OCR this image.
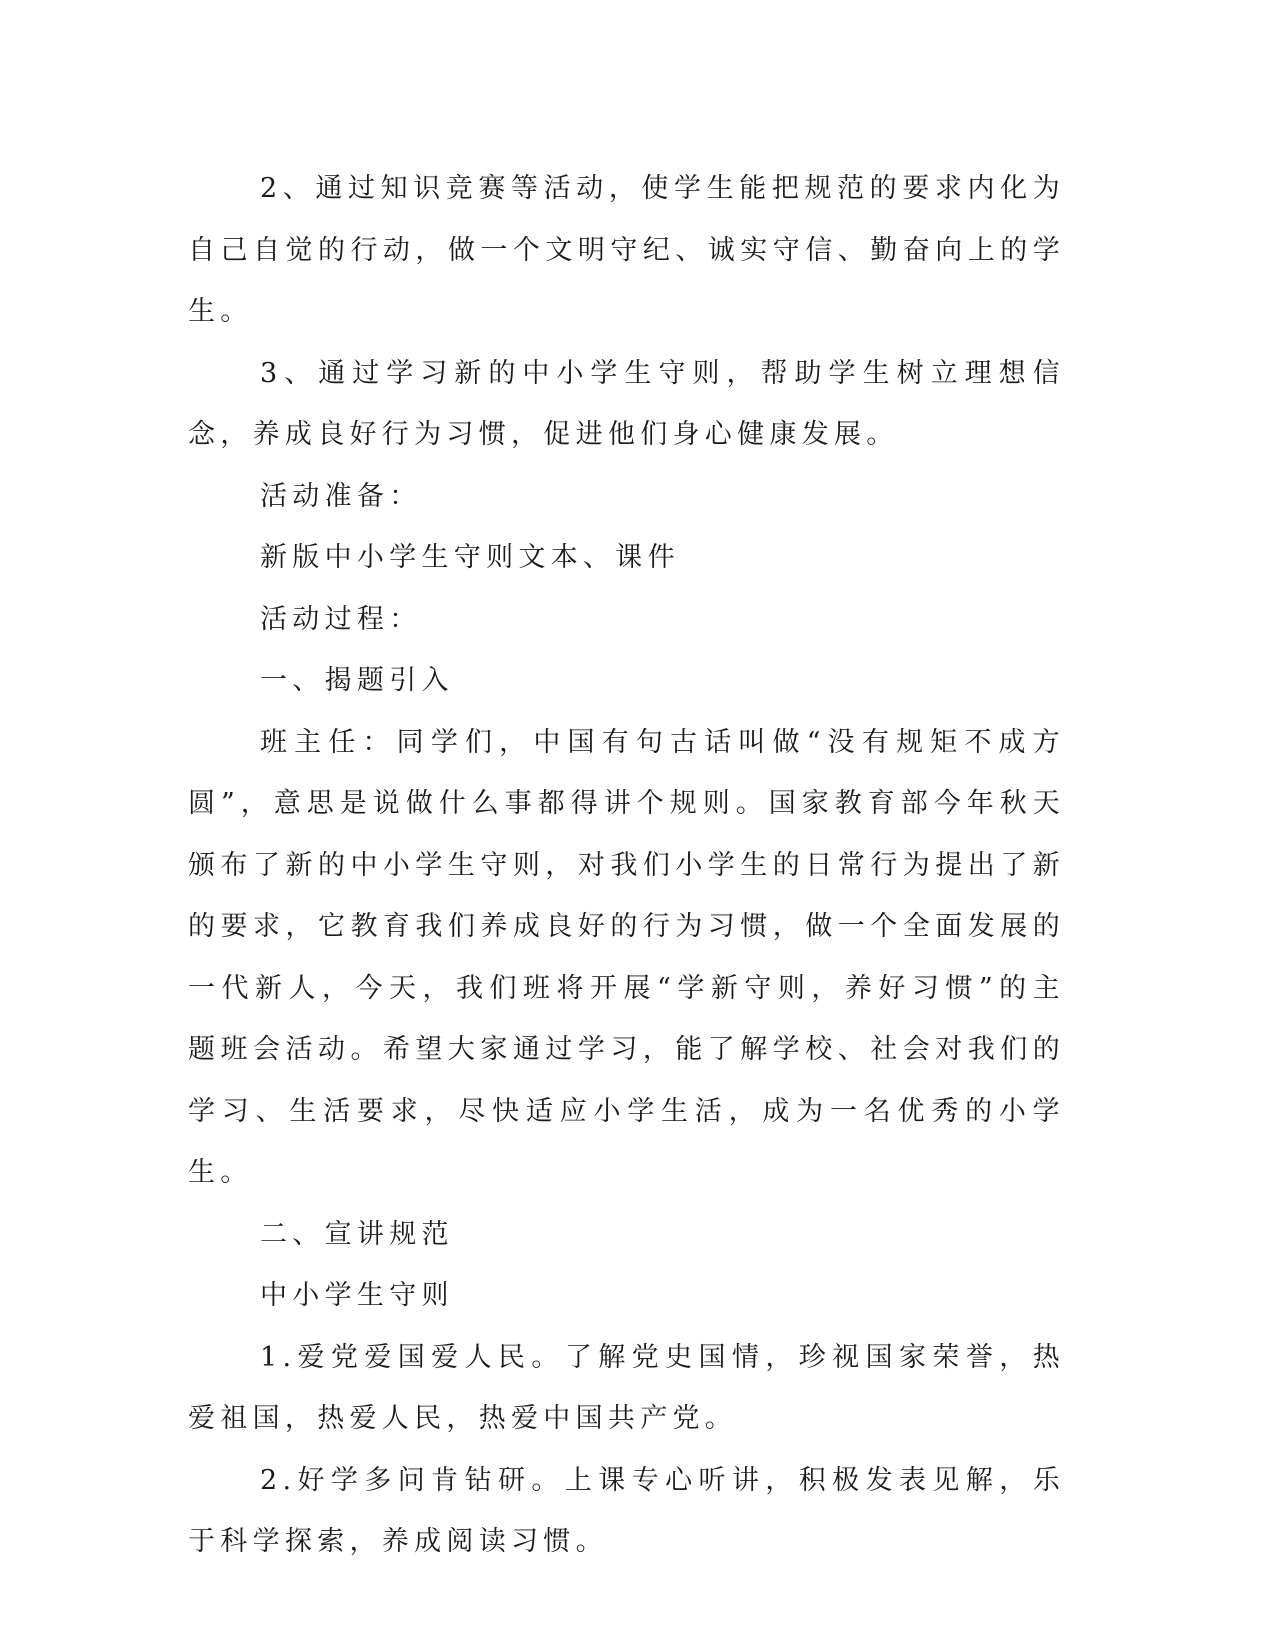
2、通过知识竞赛等活动，使学生能把规范的要求内化为自己自觉的行动，做一个文明守纪、诚实守信、勤奋向上的学生。

3、通过学习新的中小学生守则，帮助学生树立理想信念，养成良好行为习惯，促进他们身心健康发展。

活动准备：

新版中小学生守则文本、课件

活动过程：

一、揭题引入

班主任：同学们，中国有句古话叫做“没有规矩不成方圆”，意思是说做什么事都得讲个规则。国家教育部今年秋天颁布了新的中小学生守则，对我们小学生的日常行为提出了新的要求，它教育我们养成良好的行为习惯，做一个全面发展的一代新人，今天，我们班将开展“学新守则，养好习惯”的主题班会活动。希望大家通过学习，能了解学校、社会对我们的学习、生活要求，尽快适应小学生活，成为一名优秀的小学生。

二、宣讲规范

中小学生守则

1.爱党爱国爱人民。了解党史国情，珍视国家荣誉，热爱祖国，热爱人民，热爱中国共产党。

2.好学多问肯钻研。上课专心听讲，积极发表见解，乐于科学探索，养成阅读习惯。
